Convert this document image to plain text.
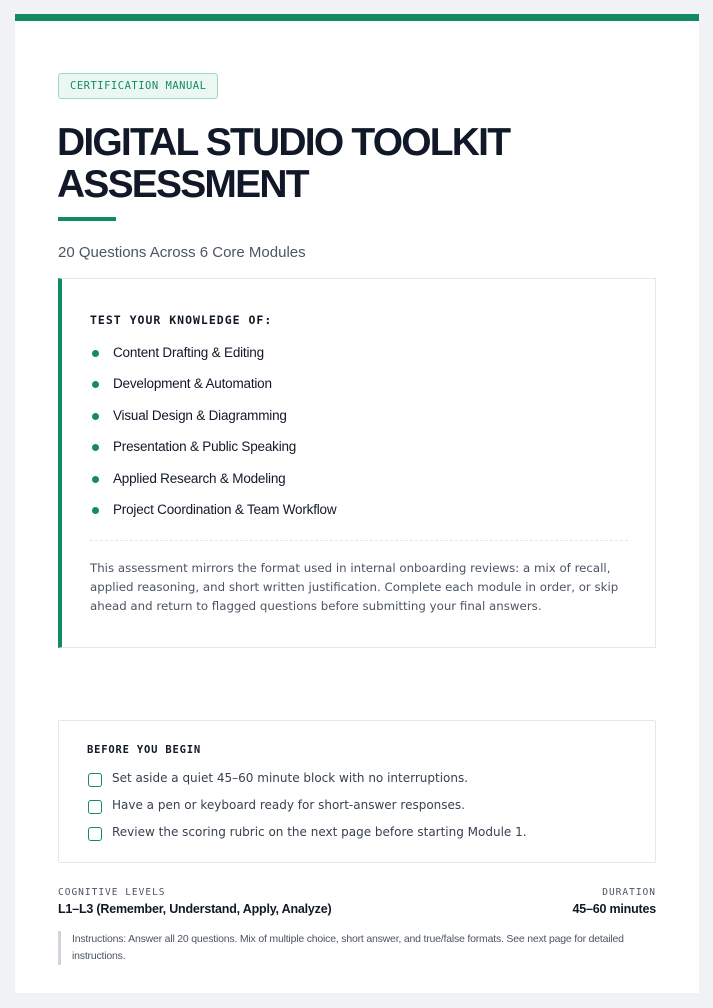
CERTIFICATION MANUAL
DIGITAL STUDIO TOOLKIT ASSESSMENT
20 Questions Across 6 Core Modules
TEST YOUR KNOWLEDGE OF:
Content Drafting & Editing
Development & Automation
Visual Design & Diagramming
Presentation & Public Speaking
Applied Research & Modeling
Project Coordination & Team Workflow

This assessment mirrors the format used in internal onboarding reviews: a mix of recall, applied reasoning, and short written justification. Complete each module in order, or skip ahead and return to flagged questions before submitting your final answers.

BEFORE YOU BEGIN
Set aside a quiet 45–60 minute block with no interruptions.
Have a pen or keyboard ready for short-answer responses.
Review the scoring rubric on the next page before starting Module 1.
COGNITIVE LEVELS
L1–L3 (Remember, Understand, Apply, Analyze)
DURATION
45–60 minutes

Instructions: Answer all 20 questions. Mix of multiple choice, short answer, and true/false formats. See next page for detailed instructions.
